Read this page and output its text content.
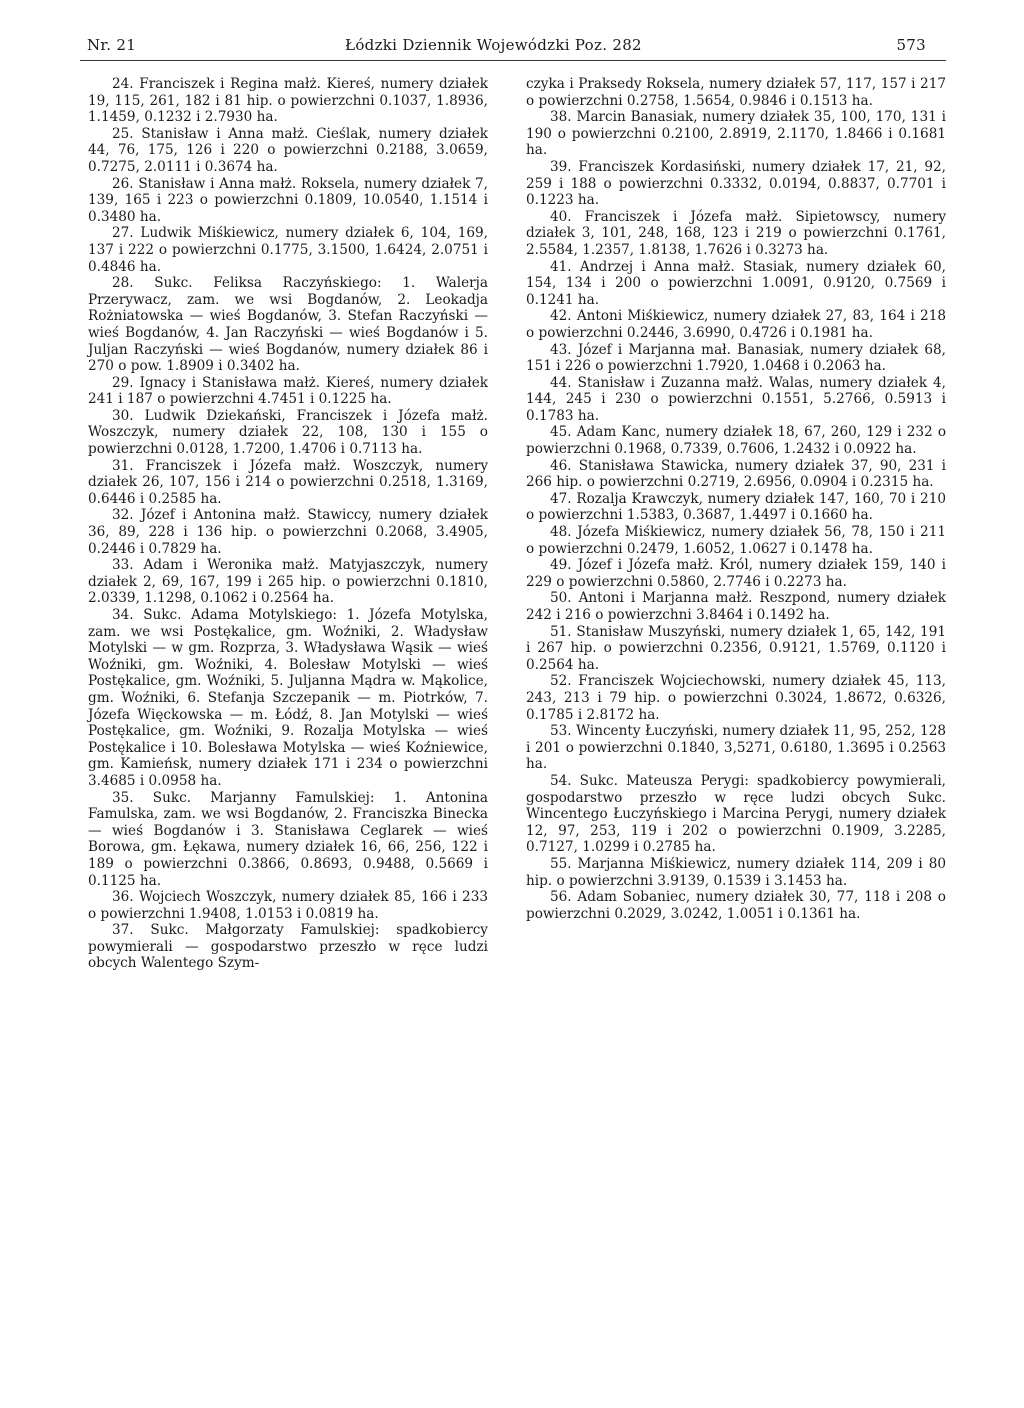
Nr. 21	Łódzki Dziennik Wojewódzki Poz. 282	573

24. Franciszek i Regina małż. Kiereś, numery działek 19, 115, 261, 182 i 81 hip. o powierzchni 0.1037, 1.8936, 1.1459, 0.1232 i 2.7930 ha.

25. Stanisław i Anna małż. Cieślak, numery działek 44, 76, 175, 126 i 220 o powierzchni 0.2188, 3.0659, 0.7275, 2.0111 i 0.3674 ha.

26. Stanisław i Anna małż. Roksela, numery działek 7, 139, 165 i 223 o powierzchni 0.1809, 10.0540, 1.1514 i 0.3480 ha.

27. Ludwik Miśkiewicz, numery działek 6, 104, 169, 137 i 222 o powierzchni 0.1775, 3.1500, 1.6424, 2.0751 i 0.4846 ha.

28. Sukc. Feliksa Raczyńskiego: 1. Walerja Przerywacz, zam. we wsi Bogdanów, 2. Leokadja Rożniatowska — wieś Bogdanów, 3. Stefan Raczyński — wieś Bogdanów, 4. Jan Raczyński — wieś Bogdanów i 5. Juljan Raczyński — wieś Bogdanów, numery działek 86 i 270 o pow. 1.8909 i 0.3402 ha.

29. Ignacy i Stanisława małż. Kiereś, numery działek 241 i 187 o powierzchni 4.7451 i 0.1225 ha.

30. Ludwik Dziekański, Franciszek i Józefa małż. Woszczyk, numery działek 22, 108, 130 i 155 o powierzchni 0.0128, 1.7200, 1.4706 i 0.7113 ha.

31. Franciszek i Józefa małż. Woszczyk, numery działek 26, 107, 156 i 214 o powierzchni 0.2518, 1.3169, 0.6446 i 0.2585 ha.

32. Józef i Antonina małż. Stawiccy, numery działek 36, 89, 228 i 136 hip. o powierzchni 0.2068, 3.4905, 0.2446 i 0.7829 ha.

33. Adam i Weronika małż. Matyjaszczyk, numery działek 2, 69, 167, 199 i 265 hip. o powierzchni 0.1810, 2.0339, 1.1298, 0.1062 i 0.2564 ha.

34. Sukc. Adama Motylskiego: 1. Józefa Motylska, zam. we wsi Postękalice, gm. Woźniki, 2. Władysław Motylski — w gm. Rozprza, 3. Władysława Wąsik — wieś Woźniki, gm. Woźniki, 4. Bolesław Motylski — wieś Postękalice, gm. Woźniki, 5. Juljanna Mądra w. Mąkolice, gm. Woźniki, 6. Stefanja Szczepanik — m. Piotrków, 7. Józefa Więckowska — m. Łódź, 8. Jan Motylski — wieś Postękalice, gm. Woźniki, 9. Rozalja Motylska — wieś Postękalice i 10. Bolesława Motylska — wieś Koźniewice, gm. Kamieńsk, numery działek 171 i 234 o powierzchni 3.4685 i 0.0958 ha.

35. Sukc. Marjanny Famulskiej: 1. Antonina Famulska, zam. we wsi Bogdanów, 2. Franciszka Binecka — wieś Bogdanów i 3. Stanisława Ceglarek — wieś Borowa, gm. Łękawa, numery działek 16, 66, 256, 122 i 189 o powierzchni 0.3866, 0.8693, 0.9488, 0.5669 i 0.1125 ha.

36. Wojciech Woszczyk, numery działek 85, 166 i 233 o powierzchni 1.9408, 1.0153 i 0.0819 ha.

37. Sukc. Małgorzaty Famulskiej: spadkobiercy powymierali — gospodarstwo przeszło w ręce ludzi obcych Walentego Szym-

czyka i Praksedy Roksela, numery działek 57, 117, 157 i 217 o powierzchni 0.2758, 1.5654, 0.9846 i 0.1513 ha.

38. Marcin Banasiak, numery działek 35, 100, 170, 131 i 190 o powierzchni 0.2100, 2.8919, 2.1170, 1.8466 i 0.1681 ha.

39. Franciszek Kordasiński, numery działek 17, 21, 92, 259 i 188 o powierzchni 0.3332, 0.0194, 0.8837, 0.7701 i 0.1223 ha.

40. Franciszek i Józefa małż. Sipietowscy, numery działek 3, 101, 248, 168, 123 i 219 o powierzchni 0.1761, 2.5584, 1.2357, 1.8138, 1.7626 i 0.3273 ha.

41. Andrzej i Anna małż. Stasiak, numery działek 60, 154, 134 i 200 o powierzchni 1.0091, 0.9120, 0.7569 i 0.1241 ha.

42. Antoni Miśkiewicz, numery działek 27, 83, 164 i 218 o powierzchni 0.2446, 3.6990, 0.4726 i 0.1981 ha.

43. Józef i Marjanna mał. Banasiak, numery działek 68, 151 i 226 o powierzchni 1.7920, 1.0468 i 0.2063 ha.

44. Stanisław i Zuzanna małż. Walas, numery działek 4, 144, 245 i 230 o powierzchni 0.1551, 5.2766, 0.5913 i 0.1783 ha.

45. Adam Kanc, numery działek 18, 67, 260, 129 i 232 o powierzchni 0.1968, 0.7339, 0.7606, 1.2432 i 0.0922 ha.

46. Stanisława Stawicka, numery działek 37, 90, 231 i 266 hip. o powierzchni 0.2719, 2.6956, 0.0904 i 0.2315 ha.

47. Rozalja Krawczyk, numery działek 147, 160, 70 i 210 o powierzchni 1.5383, 0.3687, 1.4497 i 0.1660 ha.

48. Józefa Miśkiewicz, numery działek 56, 78, 150 i 211 o powierzchni 0.2479, 1.6052, 1.0627 i 0.1478 ha.

49. Józef i Józefa małż. Król, numery działek 159, 140 i 229 o powierzchni 0.5860, 2.7746 i 0.2273 ha.

50. Antoni i Marjanna małż. Reszpond, numery działek 242 i 216 o powierzchni 3.8464 i 0.1492 ha.

51. Stanisław Muszyński, numery działek 1, 65, 142, 191 i 267 hip. o powierzchni 0.2356, 0.9121, 1.5769, 0.1120 i 0.2564 ha.

52. Franciszek Wojciechowski, numery działek 45, 113, 243, 213 i 79 hip. o powierzchni 0.3024, 1.8672, 0.6326, 0.1785 i 2.8172 ha.

53. Wincenty Łuczyński, numery działek 11, 95, 252, 128 i 201 o powierzchni 0.1840, 3,5271, 0.6180, 1.3695 i 0.2563 ha.

54. Sukc. Mateusza Perygi: spadkobiercy powymierali, gospodarstwo przeszło w ręce ludzi obcych Sukc. Wincentego Łuczyńskiego i Marcina Perygi, numery działek 12, 97, 253, 119 i 202 o powierzchni 0.1909, 3.2285, 0.7127, 1.0299 i 0.2785 ha.

55. Marjanna Miśkiewicz, numery działek 114, 209 i 80 hip. o powierzchni 3.9139, 0.1539 i 3.1453 ha.

56. Adam Sobaniec, numery działek 30, 77, 118 i 208 o powierzchni 0.2029, 3.0242, 1.0051 i 0.1361 ha.
